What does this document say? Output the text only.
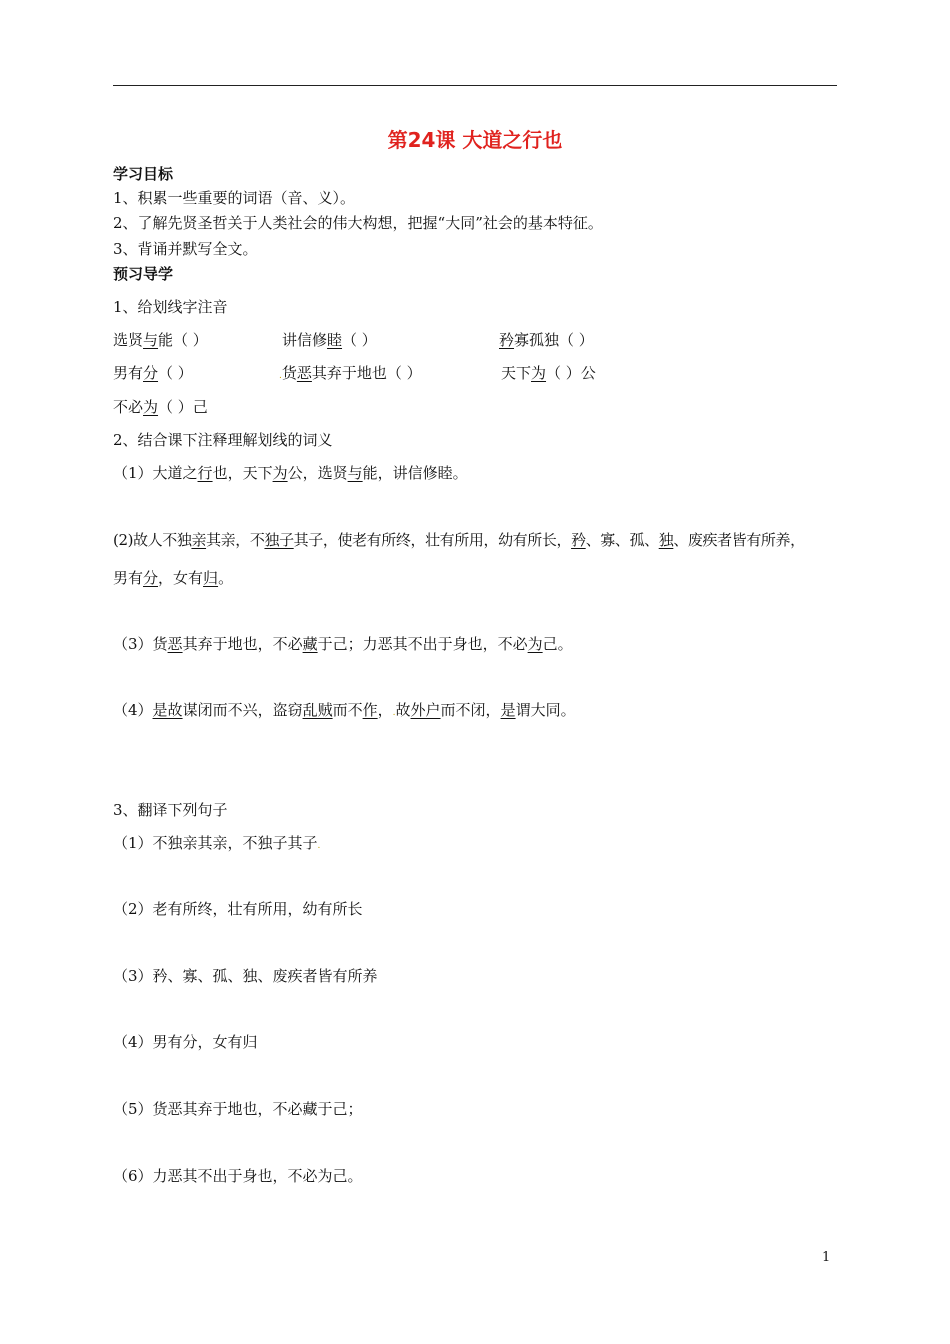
第24课 大道之行也
学习目标
1、积累一些重要的词语（音、义）。
2、了解先贤圣哲关于人类社会的伟大构想，把握“大同”社会的基本特征。
3、背诵并默写全文。
预习导学
1、给划线字注音
选贤与能（ ）	讲信修睦（ ）	矜寡孤独（ ）
男有分（ ）	.货恶其弃于地也（ ）	天下为（ ）公
不必为（ ）己
2、结合课下注释理解划线的词义
（1）大道之行也，天下为公，选贤与能，讲信修睦。
(2)故人不独亲其亲，不独子其子，使老有所终，壮有所用，幼有所长，矜、寡、孤、独、废疾者皆有所养，
男有分，女有归。
（3）货恶其弃于地也，不必藏于己；力恶其不出于身也，不必为己。
（4）是故谋闭而不兴，盗窃乱贼而不作，.故外户而不闭，是谓大同。
3、翻译下列句子
（1）不独亲其亲，不独子其子.
（2）老有所终，壮有所用，幼有所长
（3）矜、寡、孤、独、废疾者皆有所养
（4）男有分，女有归
（5）货恶其弃于地也，不必藏于己；
（6）力恶其不出于身也，不必为己。
1
